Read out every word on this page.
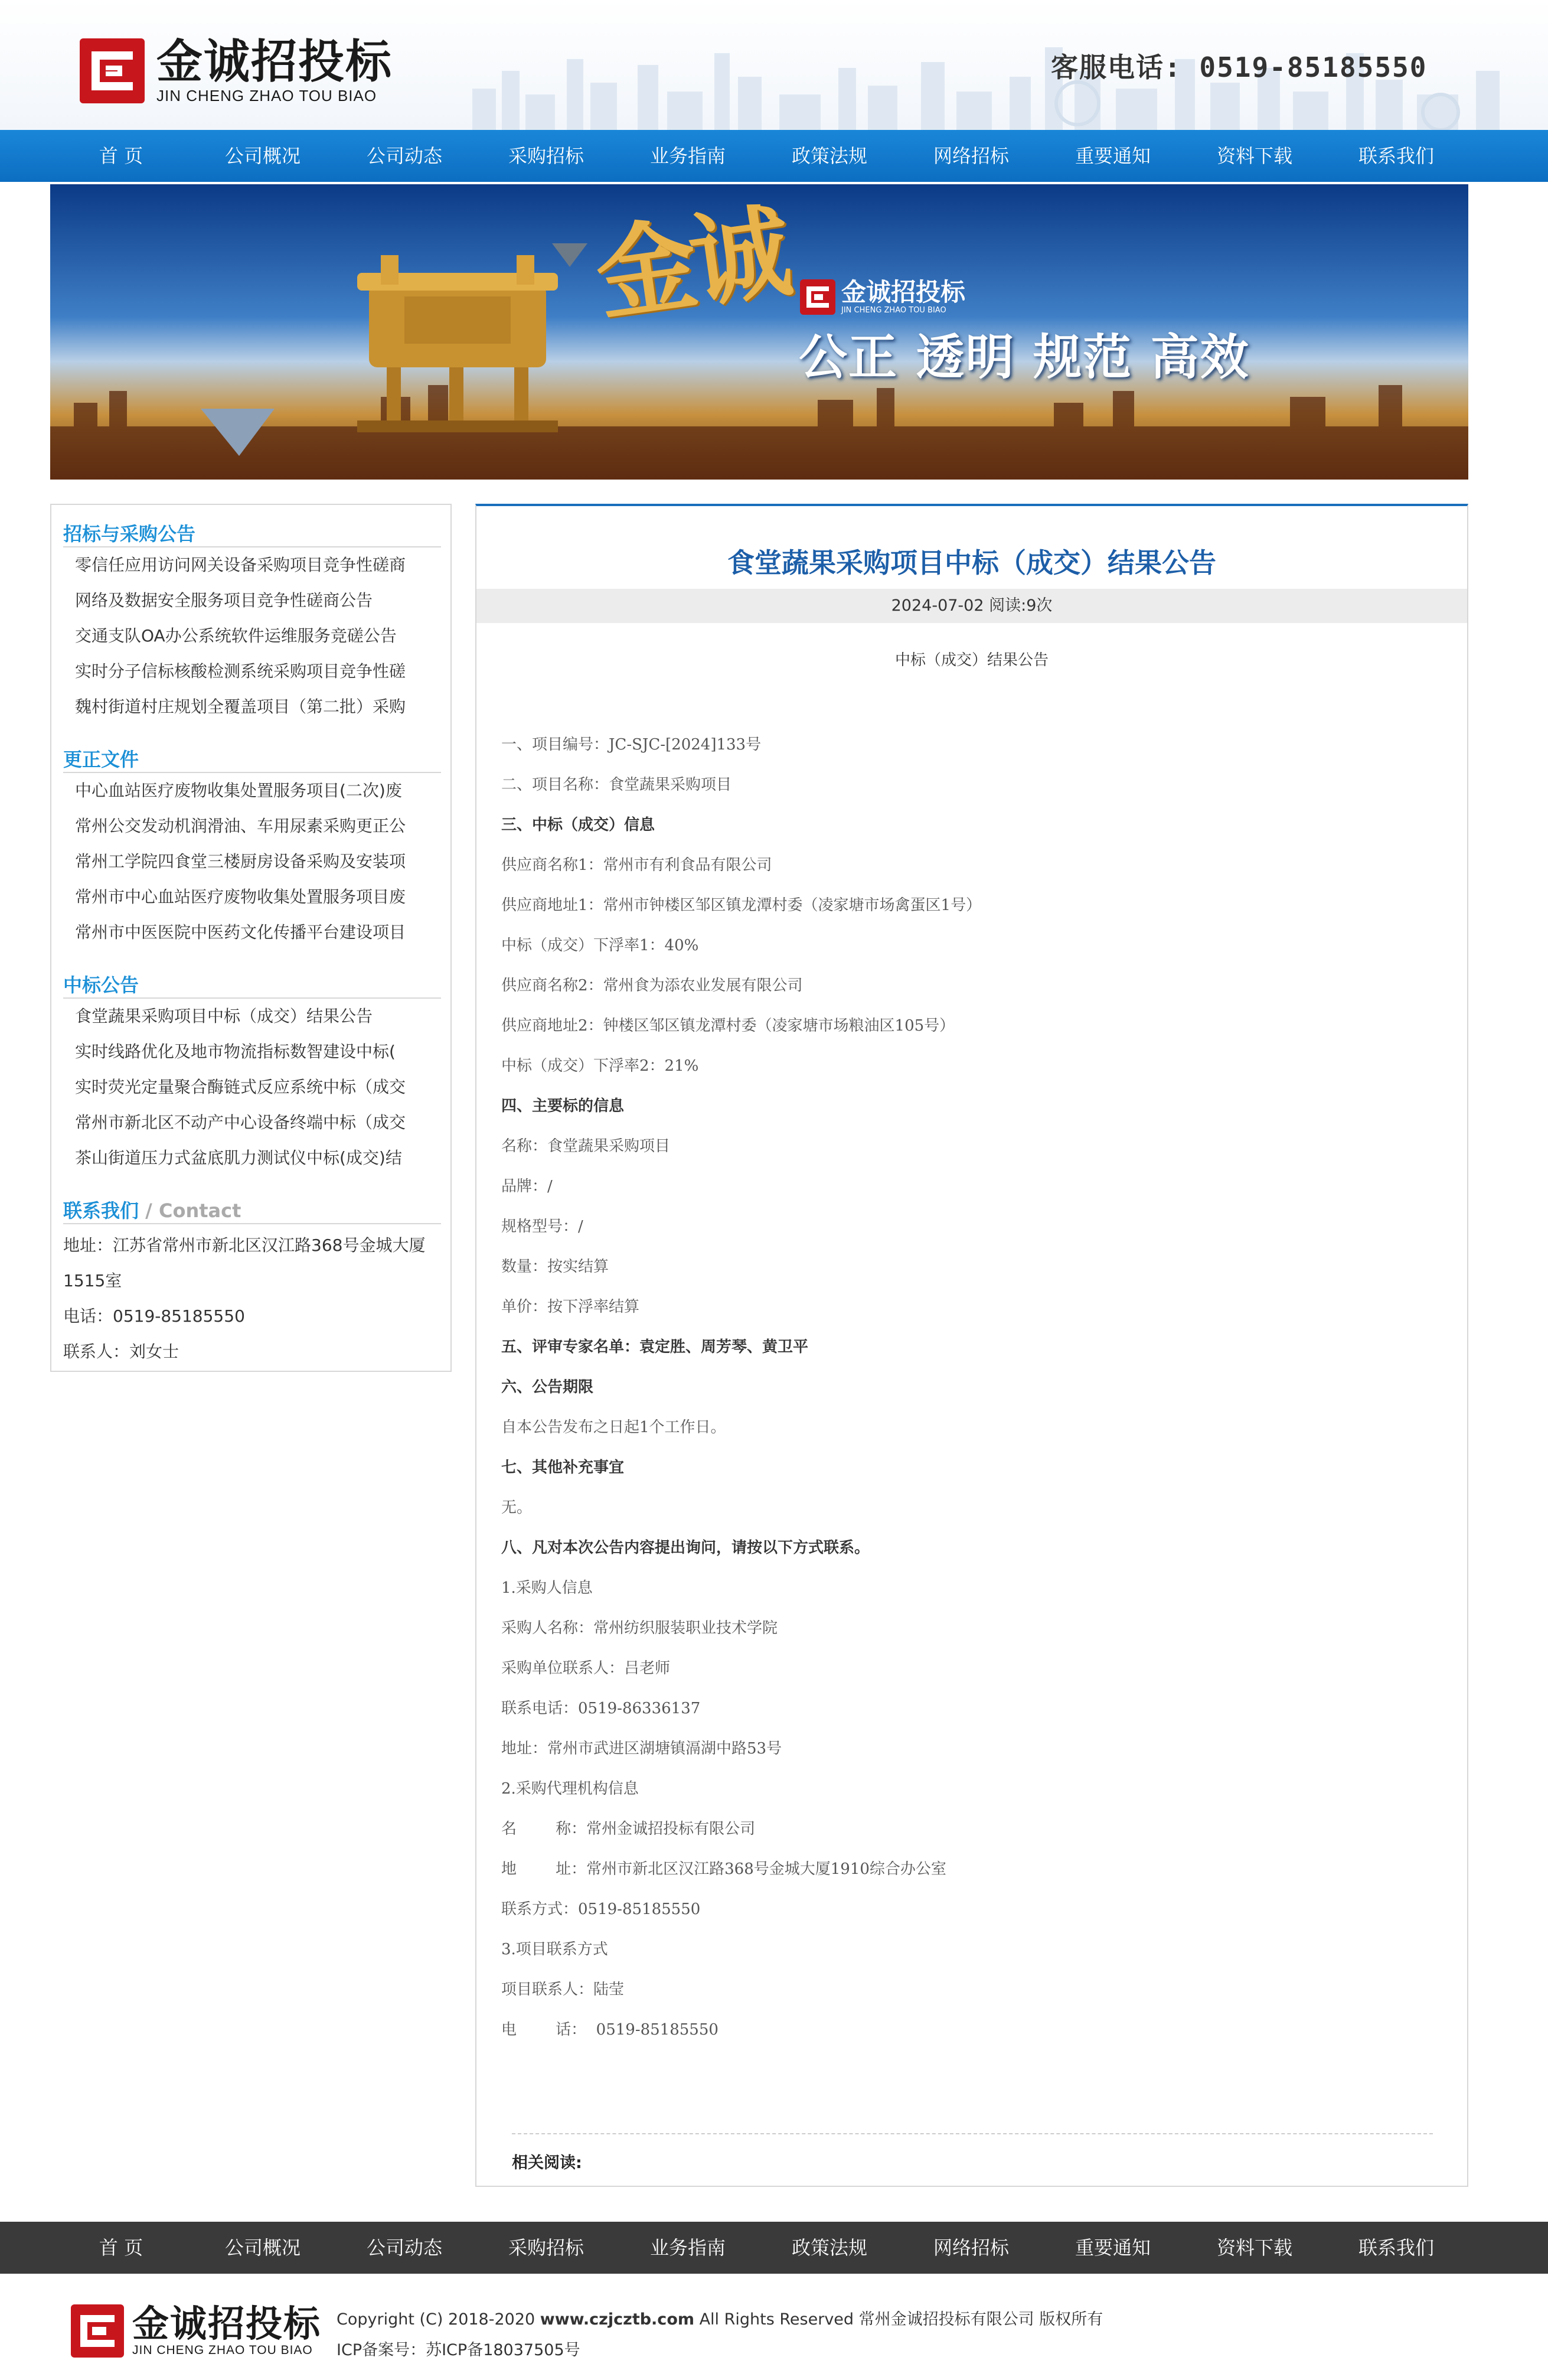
金诚招投标
JIN CHENG ZHAO TOU BIAO
客服电话: 0519-85185550
首 页	公司概况	公司动态	采购招标	业务指南	政策法规	网络招标	重要通知	资料下载	联系我们
金诚 金诚招投标
JIN CHENG ZHAO TOU BIAO
公正 透明 规范 高效
招标与采购公告
零信任应用访问网关设备采购项目竞争性磋商
网络及数据安全服务项目竞争性磋商公告
交通支队OA办公系统软件运维服务竞磋公告
实时分子信标核酸检测系统采购项目竞争性磋
魏村街道村庄规划全覆盖项目（第二批）采购
更正文件
中心血站医疗废物收集处置服务项目(二次)废
常州公交发动机润滑油、车用尿素采购更正公
常州工学院四食堂三楼厨房设备采购及安装项
常州市中心血站医疗废物收集处置服务项目废
常州市中医医院中医药文化传播平台建设项目
中标公告
食堂蔬果采购项目中标（成交）结果公告
实时线路优化及地市物流指标数智建设中标(
实时荧光定量聚合酶链式反应系统中标（成交
常州市新北区不动产中心设备终端中标（成交
茶山街道压力式盆底肌力测试仪中标(成交)结
联系我们 / Contact

地址：江苏省常州市新北区汉江路368号金城大厦

1515室

电话：0519-85185550

联系人：刘女士

食堂蔬果采购项目中标（成交）结果公告
2024-07-02 阅读:9次
中标（成交）结果公告

一、项目编号：JC-SJC-[2024]133号

二、项目名称：食堂蔬果采购项目

三、中标（成交）信息

供应商名称1：常州市有利食品有限公司

供应商地址1：常州市钟楼区邹区镇龙潭村委（凌家塘市场禽蛋区1号）

中标（成交）下浮率1：40%

供应商名称2：常州食为添农业发展有限公司

供应商地址2：钟楼区邹区镇龙潭村委（凌家塘市场粮油区105号）

中标（成交）下浮率2：21%

四、主要标的信息

名称：食堂蔬果采购项目

品牌：/

规格型号：/

数量：按实结算

单价：按下浮率结算

五、评审专家名单：袁定胜、周芳琴、黄卫平

六、公告期限

自本公告发布之日起1个工作日。

七、其他补充事宜

无。

八、凡对本次公告内容提出询问，请按以下方式联系。

1.采购人信息

采购人名称：常州纺织服装职业技术学院

采购单位联系人：吕老师

联系电话：0519-86336137

地址：常州市武进区湖塘镇滆湖中路53号

2.采购代理机构信息

名        称：常州金诚招投标有限公司

地        址：常州市新北区汉江路368号金城大厦1910综合办公室

联系方式：0519-85185550

3.项目联系方式

项目联系人：陆莹

电        话：  0519-85185550

相关阅读:
首 页	公司概况	公司动态	采购招标	业务指南	政策法规	网络招标	重要通知	资料下载	联系我们
金诚招投标
JIN CHENG ZHAO TOU BIAO
Copyright (C) 2018-2020 www.czjcztb.com All Rights Reserved 常州金诚招投标有限公司 版权所有
ICP备案号：苏ICP备18037505号
